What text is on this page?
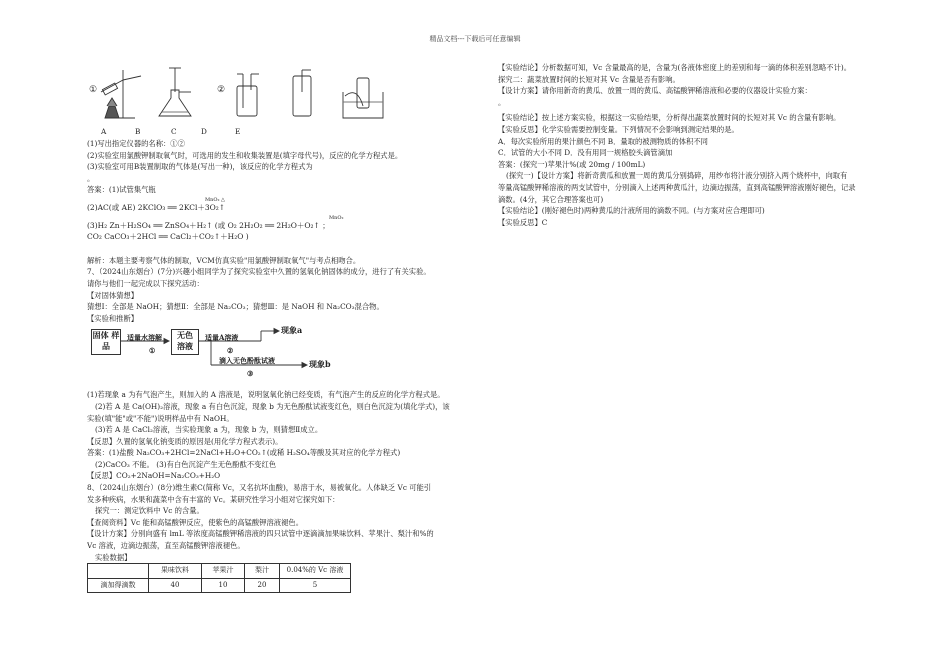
精品文档---下载后可任意编辑
①	②
A	B	C	D	E
(1)写出指定仪器的名称：①②
(2)实验室用氯酸钾制取氧气时，可选用的发生和收集装置是(填字母代号)，反应的化学方程式是。
(3)实验室可用B装置制取的气体是(写出一种)，该反应的化学方程式为
。
答案：(1)试管集气瓶
MnO₂ △
(2)AC(或 AE) 2KClO₃ ══ 2KCl＋3O₂↑
MnO₂
(3)H₂ Zn＋H₂SO₄ ══ ZnSO₄＋H₂↑ (或 O₂ 2H₂O₂ ══ 2H₂O＋O₂↑ ；
CO₂ CaCO₃＋2HCl ══ CaCl₂＋CO₂↑＋H₂O )
解析：本题主要考察气体的制取，VCM仿真实验"用氯酸钾制取氧气"与考点相吻合。
7、（2024山东烟台）(7分)兴趣小组同学为了探究实验室中久置的氢氧化钠固体的成分，进行了有关实验。
请你与他们一起完成以下探究活动：
【对固体猜想】
猜想Ⅰ：全部是 NaOH；猜想Ⅱ：全部是 Na₂CO₃；猜想Ⅲ：是 NaOH 和 Na₂CO₃混合物。
【实验和推断】
固体 样品
适量水溶解
①
无色 溶液
适量A溶液
②
现象a
滴入无色酚酞试液
③
现象b
(1)若现象 a 为有气泡产生，则加入的 A 溶液是，说明氢氧化钠已经变质，有气泡产生的反应的化学方程式是。
(2)若 A 是 Ca(OH)₂溶液，现象 a 有白色沉淀，现象 b 为无色酚酞试液变红色，则白色沉淀为(填化学式)，该
实验(填"能"或"不能")说明样品中有 NaOH。
(3)若 A 是 CaCl₂溶液，当实验现象 a 为，现象 b 为，则猜想Ⅱ成立。
【反思】久置的氢氧化钠变质的原因是(用化学方程式表示)。
答案：(1)盐酸 Na₂CO₃+2HCl=2NaCl+H₂O+CO₂↑(或稀 H₂SO₄等酸及其对应的化学方程式)
(2)CaCO₃ 不能。 (3)有白色沉淀产生无色酚酞不变红色
【反思】CO₂+2NaOH=Na₂CO₃+H₂O
8、（2024山东烟台）(8分)维生素C(简称 Vc，又名抗坏血酸)，易溶于水，易被氧化。人体缺乏 Vc 可能引
发多种疾病，水果和蔬菜中含有丰富的 Vc。某研究性学习小组对它探究如下：
探究一：测定饮料中 Vc 的含量。
【查阅资料】Vc 能和高锰酸钾反应，使紫色的高锰酸钾溶液褪色。
【设计方案】分别向盛有 lmL 等浓度高锰酸钾稀溶液的四只试管中逐滴滴加果味饮料、苹果汁、梨汁和%的
Vc 溶液，边滴边振荡，直至高锰酸钾溶液褪色。
实验数据】
	果味饮料	苹果汁	梨汁	0.04%的 Vc 溶液
滴加得滴数	40	10	20	5
【实验结论】分析数据可知，Vc 含量最高的是，含量为(各液体密度上的差别和每一滴的体积差别忽略不计)。
探究二：蔬菜放置时间的长短对其 Vc 含量是否有影响。
【设计方案】请你用新奇的黄瓜、放置一周的黄瓜、高锰酸钾稀溶液和必要的仪器设计实验方案：
。
【实验结论】按上述方案实验，根据这一实验结果，分析得出蔬菜放置时间的长短对其 Vc 的含量有影响。
【实验反思】化学实验需要控制变量。下列情况不会影响到测定结果的是。
A．每次实验所用的果汁颜色不同 B．量取的被测物质的体积不同
C．试管的大小不同 D．没有用同一规格胶头滴管滴加
答案：(探究一)苹果汁%(或 20mg / 100mL)
(探究一)【设计方案】将新奇黄瓜和放置一周的黄瓜分别捣碎，用纱布将汁液分别挤入两个烧杯中，向取有
等量高锰酸钾稀溶液的两支试管中，分别滴入上述两种黄瓜汁，边滴边振荡，直到高锰酸钾溶液刚好褪色，记录
滴数。(4分，其它合理答案也可)
【实验结论】(刚好褪色时)两种黄瓜的汁液所用的滴数不同。(与方案对应合理即可)
【实验反思】C
